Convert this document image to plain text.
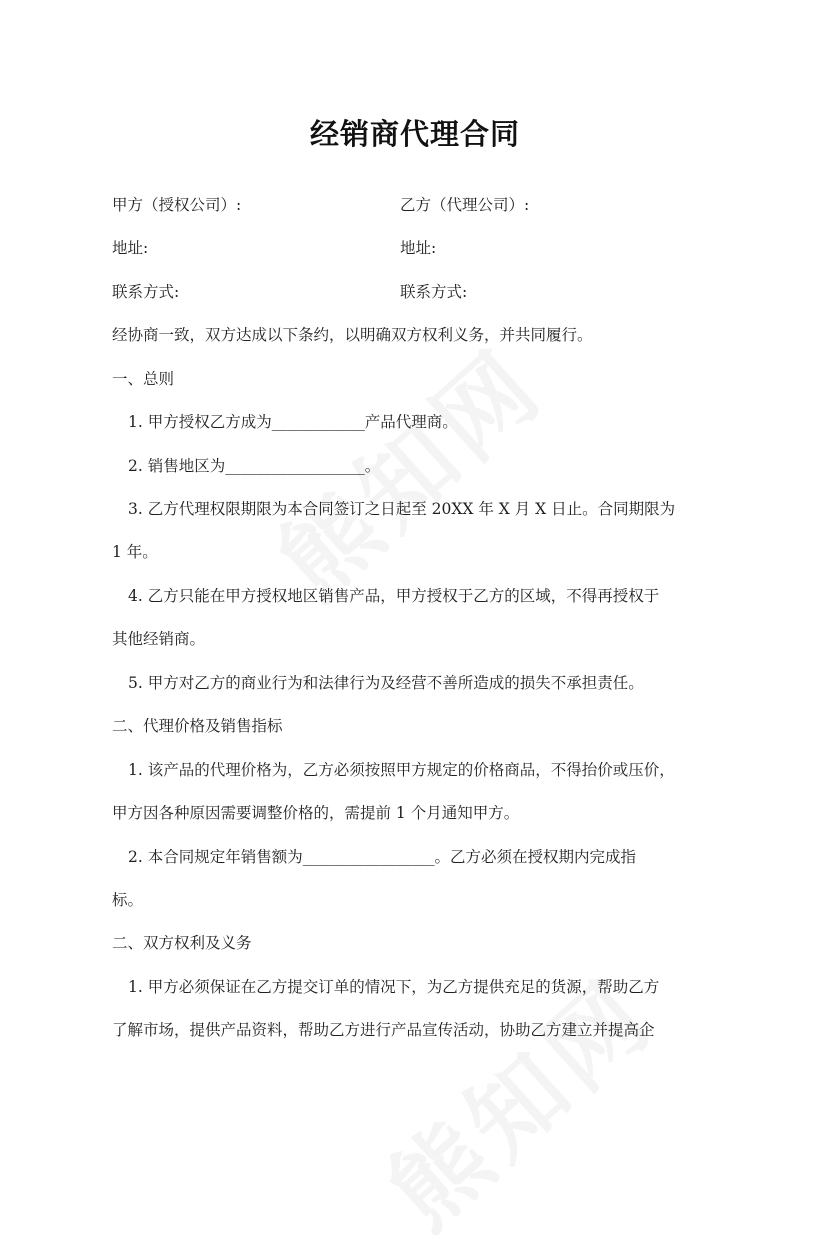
经销商代理合同
甲方（授权公司）:	乙方（代理公司）:
地址:	地址:
联系方式:	联系方式:
经协商一致，双方达成以下条约，以明确双方权利义务，并共同履行。
一、总则
1. 甲方授权乙方成为____________产品代理商。
2. 销售地区为__________________。
3. 乙方代理权限期限为本合同签订之日起至 20XX 年 X 月 X 日止。合同期限为
1 年。
4. 乙方只能在甲方授权地区销售产品，甲方授权于乙方的区域，不得再授权于
其他经销商。
5. 甲方对乙方的商业行为和法律行为及经营不善所造成的损失不承担责任。
二、代理价格及销售指标
1. 该产品的代理价格为，乙方必须按照甲方规定的价格商品，不得抬价或压价，
甲方因各种原因需要调整价格的，需提前 1 个月通知甲方。
2. 本合同规定年销售额为_________________。乙方必须在授权期内完成指
标。
二、双方权利及义务
1. 甲方必须保证在乙方提交订单的情况下，为乙方提供充足的货源，帮助乙方
了解市场，提供产品资料，帮助乙方进行产品宣传活动，协助乙方建立并提高企
